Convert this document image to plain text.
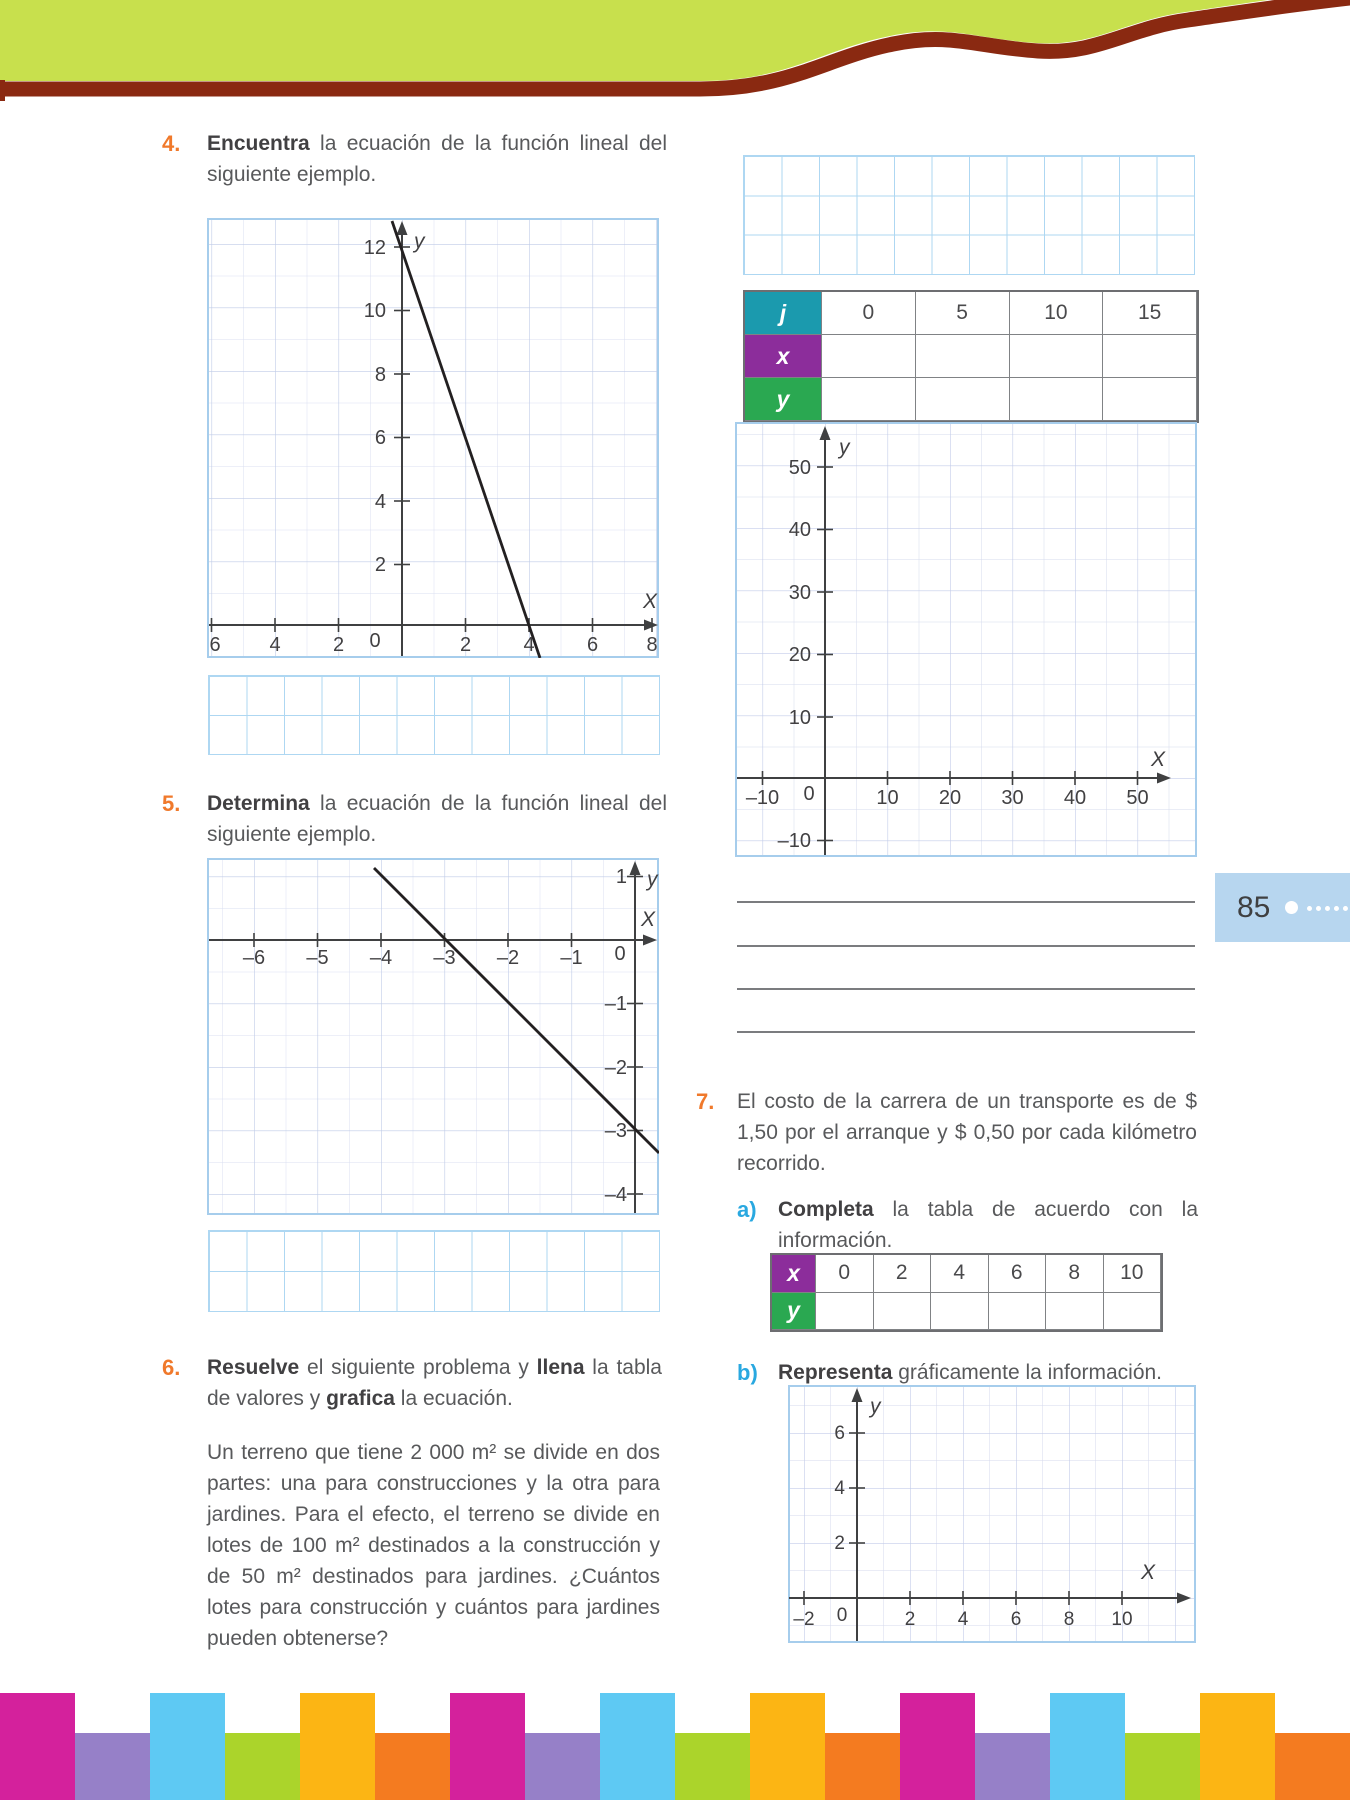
4. Encuentra la ecuación de la función lineal del siguiente ejemplo.
12
10
8
6
4
2
6 4	2 0	2	4	6 8
y
X
5. Determina la ecuación de la función lineal del siguiente ejemplo.
–6 –5 –4 –3 –2 –1 0
1
–1
–2
–3
–4
y
X
6. Resuelve el siguiente problema y llena la tabla de valores y grafica la ecuación.
Un terreno que tiene 2 000 m² se divide en dos partes: una para construcciones y la otra para jardines. Para el efecto, el terreno se divide en lotes de 100 m² destinados a la construcción y de 50 m² destinados para jardines. ¿Cuántos lotes para construcción y cuántos para jardines pueden obtenerse?
j	0	5	10	15
x
y
50
40
30
20
10
–10
–10 0	10 20 30 40 50
y
X
7. El costo de la carrera de un transporte es de $ 1,50 por el arranque y $ 0,50 por cada kilómetro recorrido.
a) Completa la tabla de acuerdo con la información.
x	0	2	4	6	8	10
y
b) Representa gráficamente la información.
6
4
2
–2 0	2 4 6 8 10
y
X
85
